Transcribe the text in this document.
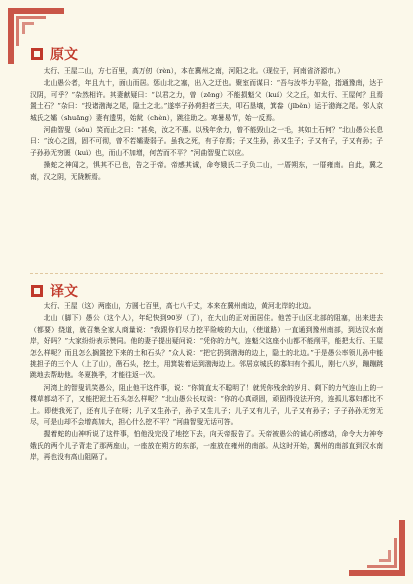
原文

太行、王屋二山，方七百里，高万仞（rèn），本在冀州之南，河阳之北。（现位于，河南省济源市。）

北山愚公者，年且九十，面山而居。惩山北之塞，出入之迂也。聚室而谋曰：“吾与汝毕力平险，指通豫南，达于汉阴，可乎？”杂然相许。其妻献疑曰：“以君之力，曾（zēng）不能损魁父（kuí）父之丘，如太行、王屋何？且焉置土石？”杂曰：“投诸渤海之尾，隐土之北。”遂率子孙荷担者三夫，叩石垦壤，箕畚（jīběn）运于渤海之尾。邻人京城氏之孀（shuāng）妻有遗男，始龀（chèn），跳往助之。寒暑易节，始一反焉。

河曲智叟（sǒu）笑而止之曰：“甚矣，汝之不惠。以残年余力，曾不能毁山之一毛，其如土石何？”北山愚公长息曰：“汝心之固，固不可彻，曾不若孀妻弱子。虽我之死，有子存焉；子又生孙，孙又生子；子又有子，子又有孙；子子孙孙无穷匮（kuì）也，而山不加增，何苦而不平？”河曲智叟亡以应。

操蛇之神闻之，惧其不已也，告之于帝。帝感其诚，命夸娥氏二子负二山，一厝朔东，一厝雍南。自此，冀之南，汉之阴，无陇断焉。

译文

太行、王屋（这）两座山，方圆七百里，高七八千丈，本来在冀州南边，黄河北岸的北边。

北山（脚下）愚公（这个人），年纪快到90岁（了），在大山的正对面居住。他苦于山区北部的阻塞，出来进去（都要）绕道，就召集全家人商量说：“我跟你们尽力挖平险峻的大山，（使道路）一直通到豫州南部，到达汉水南岸，好吗？”大家纷纷表示赞同。他的妻子提出疑问说：“凭你的力气，连魁父这座小山都不能削平，能把太行、王屋怎么样呢？而且怎么搁置挖下来的土和石头？”众人说：“把它扔到渤海的边上，隐土的北边。”于是愚公率领儿孙中能挑担子的三个人（上了山），凿石头，挖土，用箕装着运到渤海边上。邻居京城氏的寡妇有个孤儿，刚七八岁，蹦蹦跳跳地去帮助他。冬夏换季，才能往返一次。

河湾上的智叟讥笑愚公，阻止他干这件事，说：“你简直太不聪明了！就凭你残余的岁月、剩下的力气连山上的一棵草都动不了，又能把泥土石头怎么样呢？”北山愚公长叹说：“你的心真顽固，顽固得没法开窍，连孤儿寡妇都比不上。即使我死了，还有儿子在呀；儿子又生孙子，孙子又生儿子；儿子又有儿子，儿子又有孙子；子子孙孙无穷无尽，可是山却不会增高加大，担心什么挖不平？”河曲智叟无话可答。

握着蛇的山神听说了这件事，怕他没完没了地挖下去，向天帝报告了。天帝被愚公的诚心所感动，命令大力神夸娥氏的两个儿子背走了那两座山，一座放在朔方的东部，一座放在雍州的南部。从这时开始，冀州的南部直到汉水南岸，再也没有高山阻隔了。
